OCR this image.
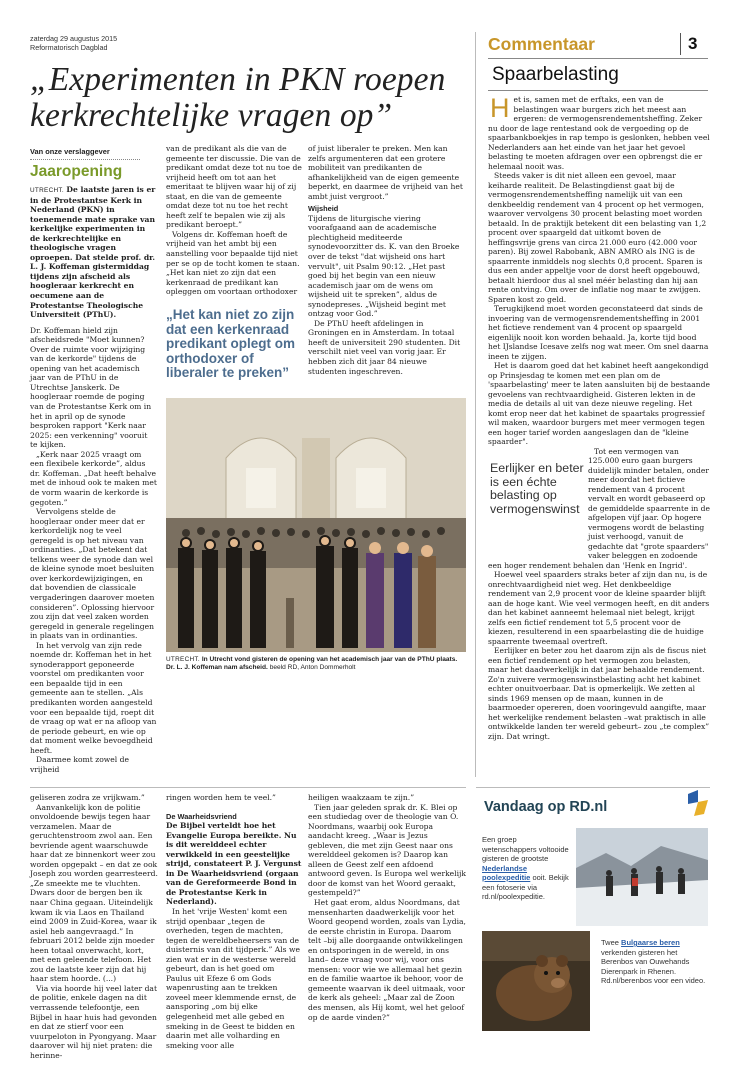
zaterdag 29 augustus 2015
Reformatorisch Dagblad
„Experimenten in PKN roepen
kerkrechtelijke vragen op”
Van onze verslaggever
Jaaropening

UTRECHT. De laatste jaren is er in de Protestantse Kerk in Nederland (PKN) in toenemende mate sprake van kerkelijke experimenten in de kerkrechtelijke en theologische vragen oproepen. Dat stelde prof. dr. L. J. Koffeman gistermiddag tijdens zijn afscheid als hoogleraar kerkrecht en oecumene aan de Protestantse Theologische Universiteit (PThU).

Dr. Koffeman hield zijn afscheidsrede "Moet kunnen? Over de ruimte voor wijziging van de kerkorde" tijdens de opening van het academisch jaar van de PThU in de Utrechtse Janskerk. De hoogleraar roemde de poging van de Protestantse Kerk om in het in april op de synode besproken rapport "Kerk naar 2025: een verkenning" vooruit te kijken.

„Kerk naar 2025 vraagt om een flexibele kerkorde”, aldus dr. Koffeman. „Dat heeft behalve met de inhoud ook te maken met de vorm waarin de kerkorde is gegoten.”

Vervolgens stelde de hoogleraar onder meer dat er kerkordelijk nog te veel geregeld is op het niveau van ordinanties. „Dat betekent dat telkens weer de synode dan wel de kleine synode moet besluiten over kerkordewijzigingen, en dat bovendien de classicale vergaderingen daarover moeten consideren”. Oplossing hiervoor zou zijn dat veel zaken worden geregeld in generale regelingen in plaats van in ordinanties.

In het vervolg van zijn rede noemde dr. Koffeman het in het synoderapport geponeerde voorstel om predikanten voor een bepaalde tijd in een gemeente aan te stellen. „Als predikanten worden aangesteld voor een bepaalde tijd, roept dit de vraag op wat er na afloop van de periode gebeurt, en wie op dat moment welke bevoegdheid heeft.

Daarmee komt zowel de vrijheid

van de predikant als die van de gemeente ter discussie. Die van de predikant omdat deze tot nu toe de vrijheid heeft om tot aan het emeritaat te blijven waar hij of zij staat, en die van de gemeente omdat deze tot nu toe het recht heeft zelf te bepalen wie zij als predikant beroept.”

Volgens dr. Koffeman hoeft de vrijheid van het ambt bij een aanstelling voor bepaalde tijd niet per se op de tocht komen te staan. „Het kan niet zo zijn dat een kerkenraad de predikant kan opleggen om voortaan orthodoxer

„Het kan niet zo zijn dat een kerkenraad predikant oplegt om orthodoxer of liberaler te preken”

of juist liberaler te preken. Men kan zelfs argumenteren dat een grotere mobiliteit van predikanten de afhankelijkheid van de eigen gemeente beperkt, en daarmee de vrijheid van het ambt juist vergroot.”

Wijsheid

Tijdens de liturgische viering voorafgaand aan de academische plechtigheid mediteerde synodevoorzitter ds. K. van den Broeke over de tekst "dat wijsheid ons hart vervult", uit Psalm 90:12. „Het past goed bij het begin van een nieuw academisch jaar om de wens om wijsheid uit te spreken”, aldus de synodepreses. „Wijsheid begint met ontzag voor God.”

De PThU heeft afdelingen in Groningen en in Amsterdam. In totaal heeft de universiteit 290 studenten. Dit verschilt niet veel van vorig jaar. Er hebben zich dit jaar 84 nieuwe studenten ingeschreven.

UTRECHT. In Utrecht vond gisteren de opening van het academisch jaar van de PThU plaats. Dr. L. J. Koffeman nam afscheid. beeld RD, Anton Dommerholt
Commentaar	3
Spaarbelasting
H et is, samen met de erftaks, een van de belastingen waar burgers zich het meest aan ergeren: de vermogensrendementsheffing. Zeker nu door de lage rentestand ook de vergoeding op de spaarbankboekjes in rap tempo is geslonken, hebben veel Nederlanders aan het einde van het jaar het gevoel belasting te moeten afdragen over een opbrengst die er helemaal nooit was.

Steeds vaker is dit niet alleen een gevoel, maar keiharde realiteit. De Belastingdienst gaat bij de vermogensrendementsheffing namelijk uit van een denkbeeldig rendement van 4 procent op het vermogen, waarover vervolgens 30 procent belasting moet worden betaald. In de praktijk betekent dit een belasting van 1,2 procent over spaargeld dat uitkomt boven de heffingsvrije grens van circa 21.000 euro (42.000 voor paren). Bij zowel Rabobank, ABN AMRO als ING is de spaarrente inmiddels nog slechts 0,8 procent. Sparen is dus een ander appeltje voor de dorst heeft opgebouwd, betaalt hierdoor dus al snel méér belasting dan hij aan rente ontving. Om over de inflatie nog maar te zwijgen. Sparen kost zo geld.

Terugkijkend moet worden geconstateerd dat sinds de invoering van de vermogensrendementsheffing in 2001 het fictieve rendement van 4 procent op spaargeld eigenlijk nooit kon worden behaald. Ja, korte tijd bood het IJslandse Icesave zelfs nog wat meer. Om snel daarna ineen te zijgen.

Het is daarom goed dat het kabinet heeft aangekondigd op Prinsjesdag te komen met een plan om de 'spaarbelasting' meer te laten aansluiten bij de bestaande gevoelens van rechtvaardigheid. Gisteren lekten in de media de details al uit van deze nieuwe regeling. Het komt erop neer dat het kabinet de spaartaks progressief wil maken, waardoor burgers met meer vermogen tegen een hoger tarief worden aangeslagen dan de "kleine spaarder".

Tot een vermogen van 125.000 euro gaan burgers duidelijk minder betalen, onder meer doordat het fictieve rendement van 4 procent vervalt en wordt gebaseerd op de gemiddelde spaarrente in de afgelopen vijf jaar. Op hogere vermogens wordt de belasting juist verhoogd, vanuit de gedachte dat "grote spaarders" vaker beleggen en zodoende een hoger rendement behalen dan 'Henk en Ingrid'.

Hoewel veel spaarders straks beter af zijn dan nu, is de onrechtvaardigheid niet weg. Het denkbeeldige rendement van 2,9 procent voor de kleine spaarder blijft aan de hoge kant. Wie veel vermogen heeft, en dit anders dan het kabinet aanneemt helemaal niet belegt, krijgt zelfs een fictief rendement tot 5,5 procent voor de kiezen, resulterend in een spaarbelasting die de huidige spaarrente tweemaal overtreft.

Eerlijker en beter zou het daarom zijn als de fiscus niet een fictief rendement op het vermogen zou belasten, maar het daadwerkelijk in dat jaar behaalde rendement. Zo'n zuivere vermogenswinstbelasting acht het kabinet echter onuitvoerbaar. Dat is opmerkelijk. We zetten al sinds 1969 mensen op de maan, kunnen in de baarmoeder opereren, doen vooringevuld aangifte, maar het werkelijke rendement belasten –wat praktisch in alle ontwikkelde landen ter wereld gebeurt– zou „te complex” zijn. Dat wringt.

Eerlijker en beter is een échte belasting op vermogenswinst

geliseren zodra ze vrijkwam.”

Aanvankelijk kon de politie onvoldoende bewijs tegen haar verzamelen. Maar de geruchtenstroom zwol aan. Een bevriende agent waarschuwde haar dat ze binnenkort weer zou worden opgepakt – en dat ze ook Joseph zou worden gearresteerd. „Ze smeekte me te vluchten. Dwars door de bergen ben ik naar China gegaan. Uiteindelijk kwam ik via Laos en Thailand eind 2009 in Zuid-Korea, waar ik asiel heb aangevraagd.” In februari 2012 belde zijn moeder heen totaal onverwacht, kort, met een geleende telefoon. Het zou de laatste keer zijn dat hij haar stem hoorde. (...)

Via via hoorde hij veel later dat de politie, enkele dagen na dit verrassende telefoontje, een Bijbel in haar huis had gevonden en dat ze stierf voor een vuurpeloton in Pyongyang. Maar daarover wil hij niet praten: die herinne-

ringen worden hem te veel.”

De Waarheidsvriend

De Bijbel verteldt hoe het Evangelie Europa bereikte. Nu is dit werelddeel echter verwikkeld in een geestelijke strijd, constateert P. J. Vergunst in De Waarheidsvriend (orgaan van de Gereformeerde Bond in de Protestantse Kerk in Nederland).

In het 'vrije Westen' komt een strijd openbaar „tegen de overheden, tegen de machten, tegen de wereldbeheersers van de duisternis van dit tijdperk.” Als we zien wat er in de westerse wereld gebeurt, dan is het goed om Paulus uit Efeze 6 om Gods wapenrusting aan te trekken zoveel meer klemmende ernst, de aansporing „om bij elke gelegenheid met alle gebed en smeking in de Geest te bidden en daarin met alle volharding en smeking voor alle

heiligen waakzaam te zijn.”

Tien jaar geleden sprak dr. K. Blei op een studiedag over de theologie van O. Noordmans, waarbij ook Europa aandacht kreeg. „Waar is Jezus gebleven, die met zijn Geest naar ons werelddeel gekomen is? Daarop kan alleen de Geest zelf een afdoend antwoord geven. Is Europa wel werkelijk door de komst van het Woord geraakt, gestempeld?”

Het gaat erom, aldus Noordmans, dat mensenharten daadwerkelijk voor het Woord geopend worden, zoals van Lydia, de eerste christin in Europa. Daarom telt –bij alle doorgaande ontwikkelingen en ontsporingen in de wereld, in ons land– deze vraag voor wij, voor ons mensen: voor wie we allemaal het gezin en de familie waartoe ik behoor, voor de gemeente waarvan ik deel uitmaak, voor de kerk als geheel: „Maar zal de Zoon des mensen, als Hij komt, wel het geloof op de aarde vinden?”

Vandaag op RD.nl
Een groep wetenschappers voltooide gisteren de grootste Nederlandse poolexpeditie ooit. Bekijk een fotoserie via rd.nl/poolexpeditie.
Twee Bulgaarse beren verkenden gisteren het Berenbos van Ouwehands Dierenpark in Rhenen. Rd.nl/berenbos voor een video.
